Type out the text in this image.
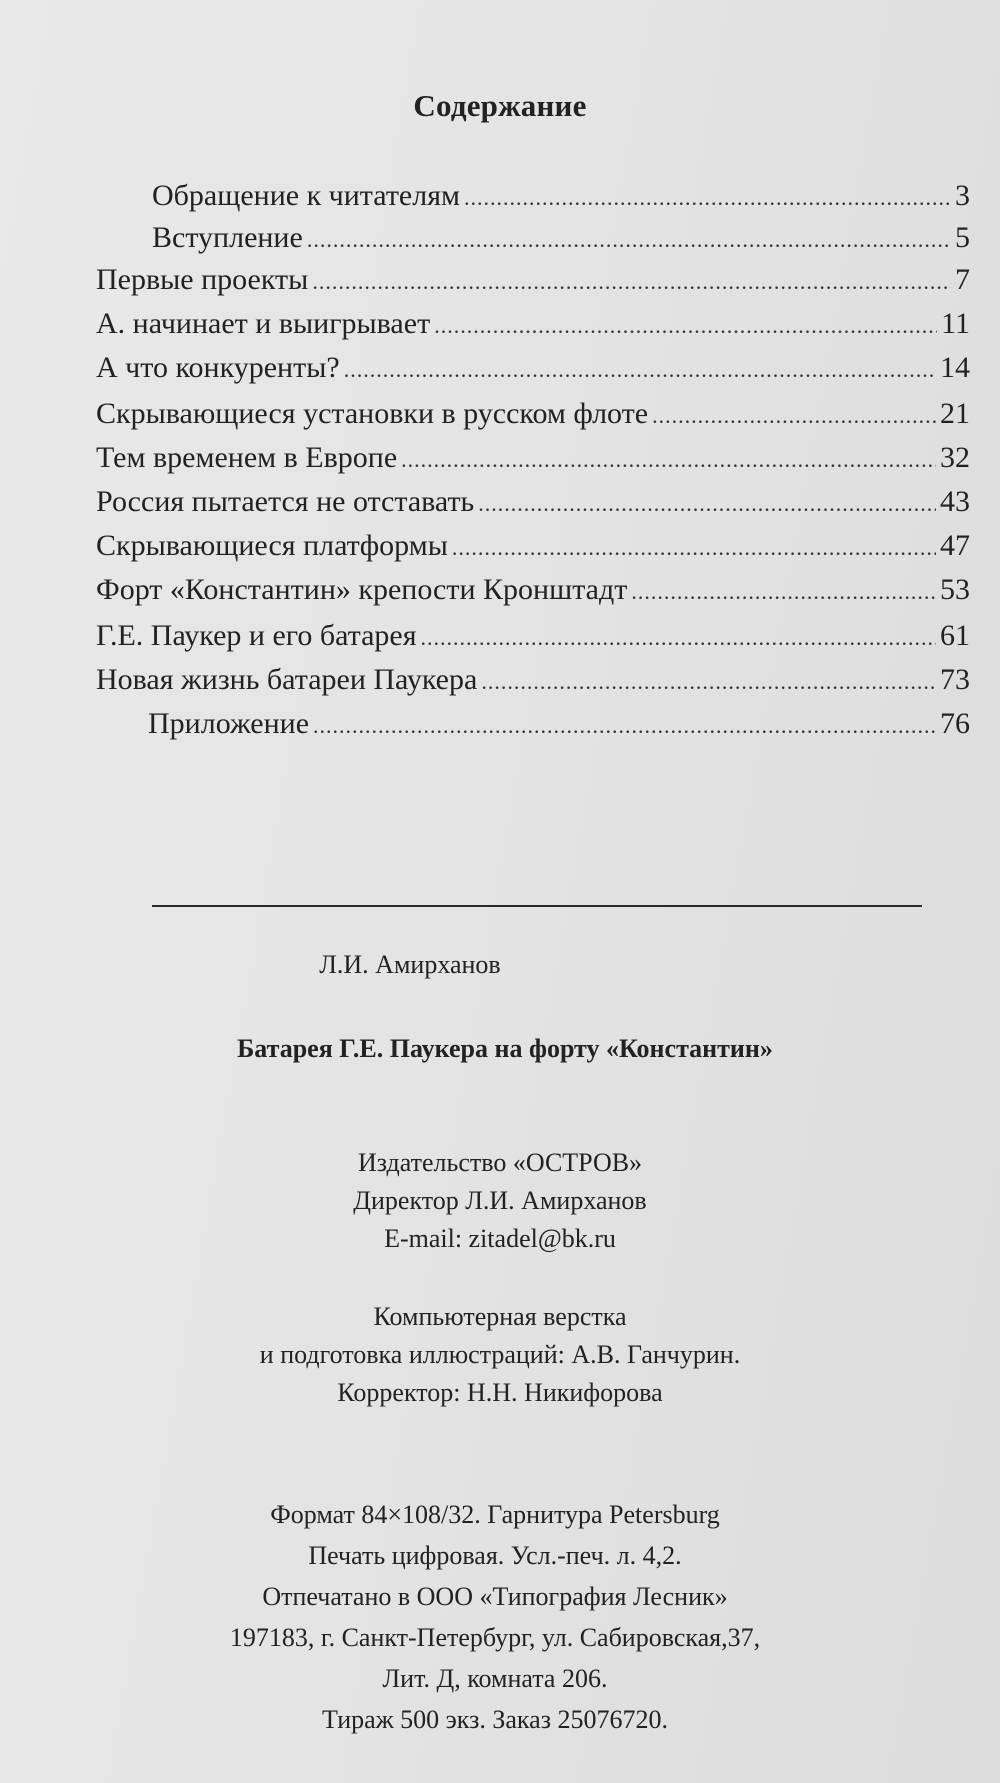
Содержание
Обращение к читателям .....	3
Вступление .....	5
Первые проекты .....	7
А. начинает и выигрывает .....	11
А что конкуренты? .....	14
Скрывающиеся установки в русском флоте .....	21
Тем временем в Европе .....	32
Россия пытается не отставать .....	43
Скрывающиеся платформы .....	47
Форт «Константин» крепости Кронштадт .....	53
Г.Е. Паукер и его батарея .....	61
Новая жизнь батареи Паукера .....	73
Приложение .....	76
Л.И. Амирханов
Батарея Г.Е. Паукера на форту «Константин»
Издательство «ОСТРОВ»
Директор Л.И. Амирханов
E-mail: zitadel@bk.ru
Компьютерная верстка
и подготовка иллюстраций: А.В. Ганчурин.
Корректор: Н.Н. Никифорова
Формат 84×108/32. Гарнитура Petersburg
Печать цифровая. Усл.-печ. л. 4,2.
Отпечатано в ООО «Типография Лесник»
197183, г. Санкт-Петербург, ул. Сабировская,37,
Лит. Д, комната 206.
Тираж 500 экз. Заказ 25076720.
